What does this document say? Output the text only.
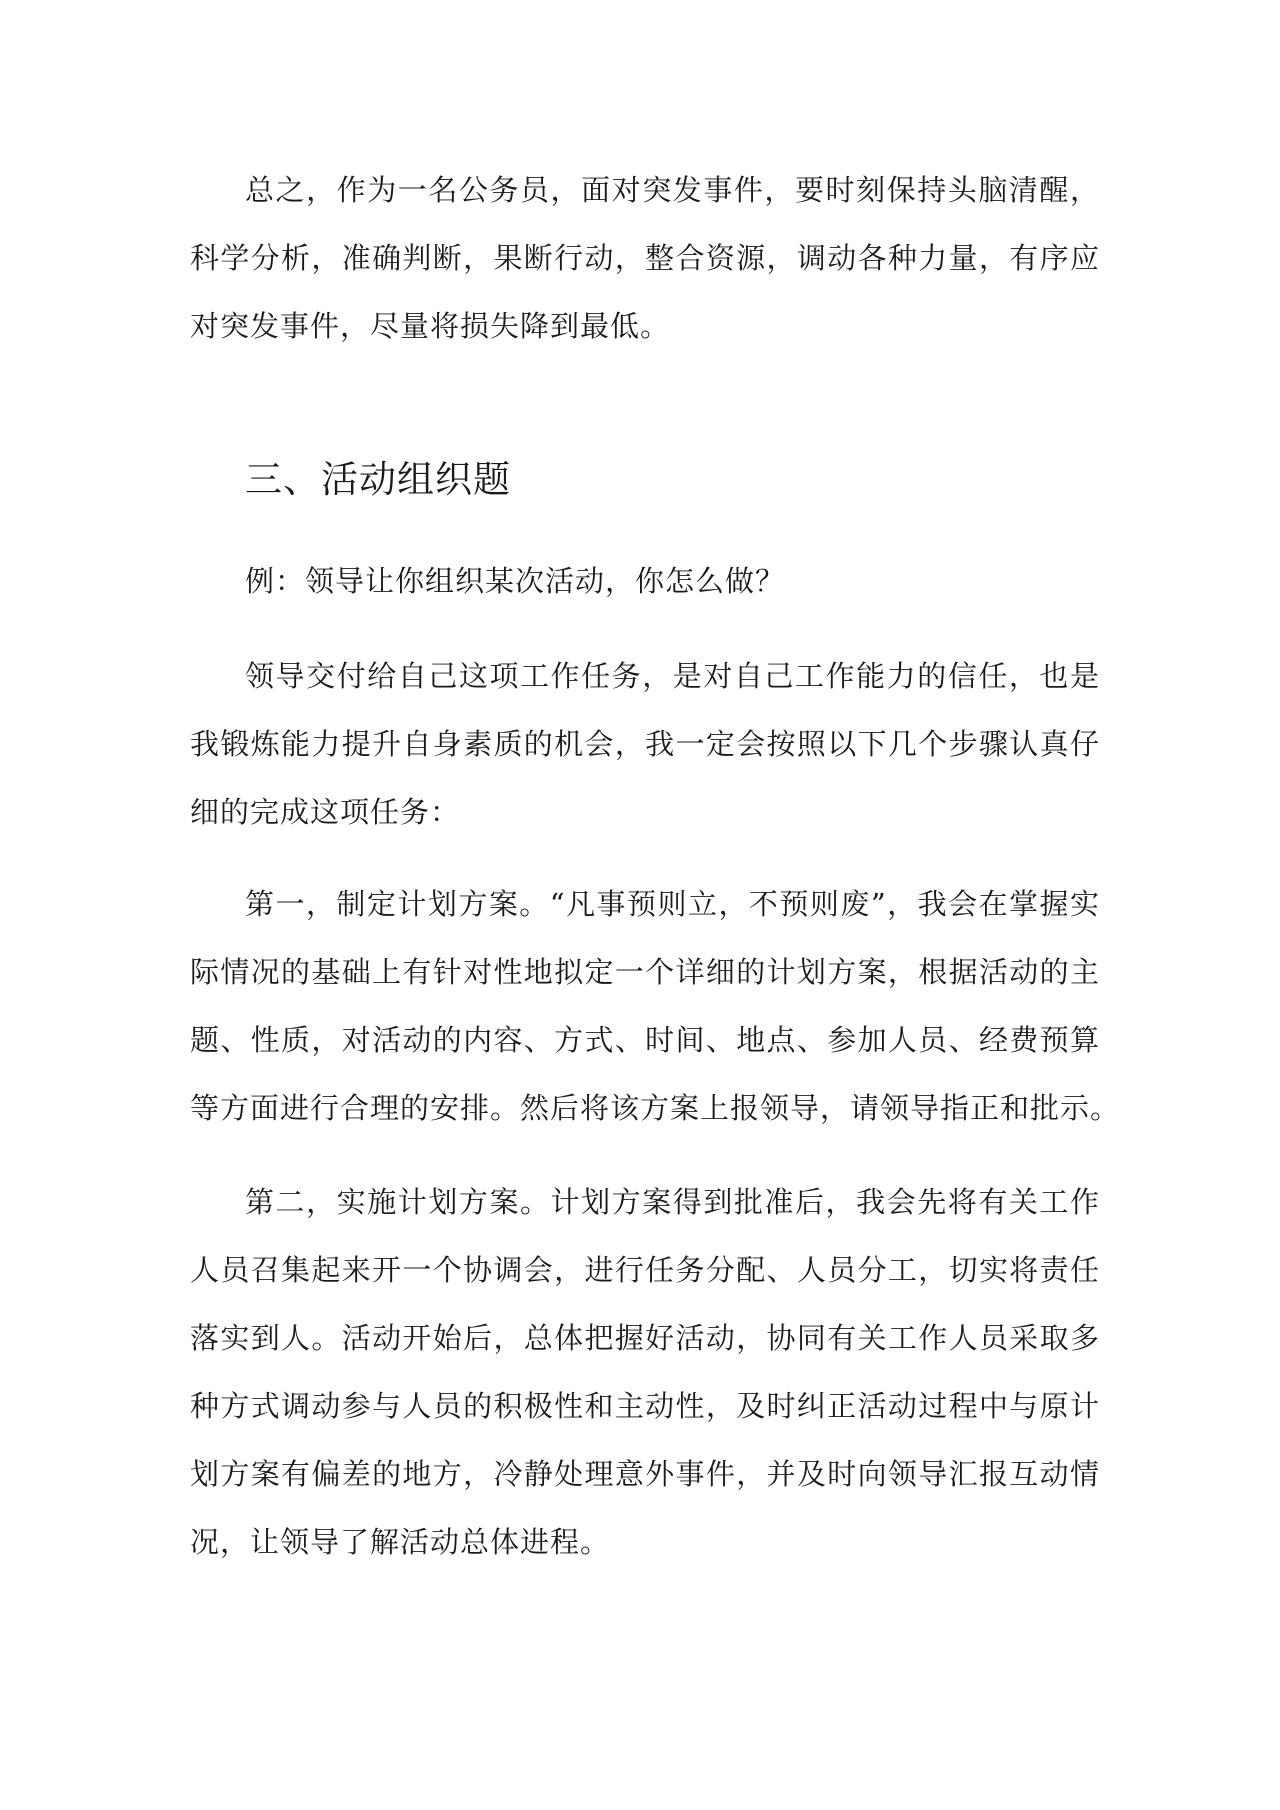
总之，作为一名公务员，面对突发事件，要时刻保持头脑清醒，
科学分析，准确判断，果断行动，整合资源，调动各种力量，有序应
对突发事件，尽量将损失降到最低。
三、活动组织题
例：领导让你组织某次活动，你怎么做？
领导交付给自己这项工作任务，是对自己工作能力的信任，也是
我锻炼能力提升自身素质的机会，我一定会按照以下几个步骤认真仔
细的完成这项任务：
第一，制定计划方案。“凡事预则立，不预则废”，我会在掌握实
际情况的基础上有针对性地拟定一个详细的计划方案，根据活动的主
题、性质，对活动的内容、方式、时间、地点、参加人员、经费预算
等方面进行合理的安排。然后将该方案上报领导，请领导指正和批示。
第二，实施计划方案。计划方案得到批准后，我会先将有关工作
人员召集起来开一个协调会，进行任务分配、人员分工，切实将责任
落实到人。活动开始后，总体把握好活动，协同有关工作人员采取多
种方式调动参与人员的积极性和主动性，及时纠正活动过程中与原计
划方案有偏差的地方，冷静处理意外事件，并及时向领导汇报互动情
况，让领导了解活动总体进程。
